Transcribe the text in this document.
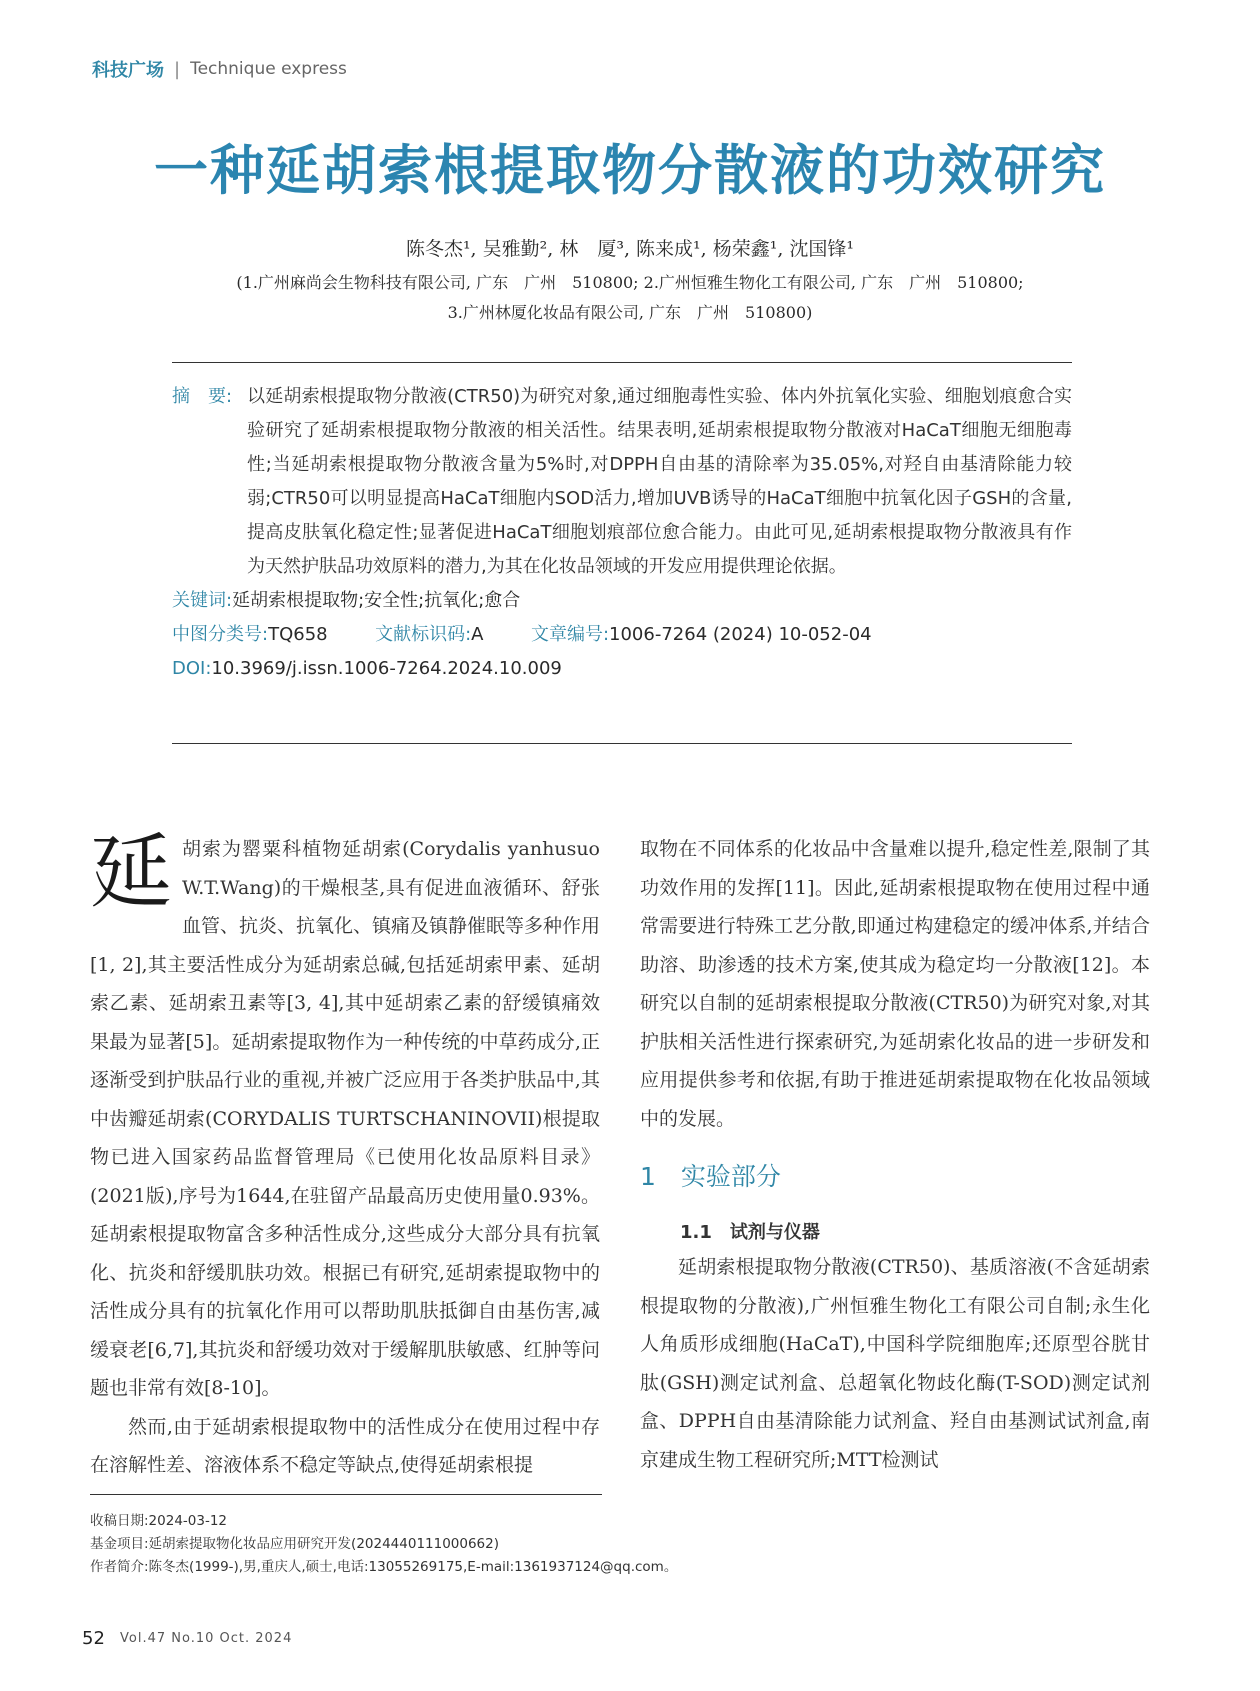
科技广场 | Technique express
一种延胡索根提取物分散液的功效研究
陈冬杰¹, 吴雅勤², 林　厦³, 陈来成¹, 杨荣鑫¹, 沈国锋¹
(1.广州麻尚会生物科技有限公司, 广东　广州　510800; 2.广州恒雅生物化工有限公司, 广东　广州　510800;
3.广州林厦化妆品有限公司, 广东　广州　510800)
摘　要: 以延胡索根提取物分散液(CTR50)为研究对象,通过细胞毒性实验、体内外抗氧化实验、细胞划痕愈合实验研究了延胡索根提取物分散液的相关活性。结果表明,延胡索根提取物分散液对HaCaT细胞无细胞毒性;当延胡索根提取物分散液含量为5%时,对DPPH自由基的清除率为35.05%,对羟自由基清除能力较弱;CTR50可以明显提高HaCaT细胞内SOD活力,增加UVB诱导的HaCaT细胞中抗氧化因子GSH的含量,提高皮肤氧化稳定性;显著促进HaCaT细胞划痕部位愈合能力。由此可见,延胡索根提取物分散液具有作为天然护肤品功效原料的潜力,为其在化妆品领域的开发应用提供理论依据。
关键词:延胡索根提取物;安全性;抗氧化;愈合
中图分类号:TQ658	文献标识码:A	文章编号:1006-7264 (2024) 10-052-04
DOI:10.3969/j.issn.1006-7264.2024.10.009

延胡索为罂粟科植物延胡索(Corydalis yanhusuo W.T.Wang)的干燥根茎,具有促进血液循环、舒张血管、抗炎、抗氧化、镇痛及镇静催眠等多种作用[1, 2],其主要活性成分为延胡索总碱,包括延胡索甲素、延胡索乙素、延胡索丑素等[3, 4],其中延胡索乙素的舒缓镇痛效果最为显著[5]。延胡索提取物作为一种传统的中草药成分,正逐渐受到护肤品行业的重视,并被广泛应用于各类护肤品中,其中齿瓣延胡索(CORYDALIS TURTSCHANINOVII)根提取物已进入国家药品监督管理局《已使用化妆品原料目录》(2021版),序号为1644,在驻留产品最高历史使用量0.93%。延胡索根提取物富含多种活性成分,这些成分大部分具有抗氧化、抗炎和舒缓肌肤功效。根据已有研究,延胡索提取物中的活性成分具有的抗氧化作用可以帮助肌肤抵御自由基伤害,减缓衰老[6,7],其抗炎和舒缓功效对于缓解肌肤敏感、红肿等问题也非常有效[8-10]。

然而,由于延胡索根提取物中的活性成分在使用过程中存在溶解性差、溶液体系不稳定等缺点,使得延胡索根提

取物在不同体系的化妆品中含量难以提升,稳定性差,限制了其功效作用的发挥[11]。因此,延胡索根提取物在使用过程中通常需要进行特殊工艺分散,即通过构建稳定的缓冲体系,并结合助溶、助渗透的技术方案,使其成为稳定均一分散液[12]。本研究以自制的延胡索根提取分散液(CTR50)为研究对象,对其护肤相关活性进行探索研究,为延胡索化妆品的进一步研发和应用提供参考和依据,有助于推进延胡索提取物在化妆品领域中的发展。

1　实验部分
1.1　试剂与仪器

延胡索根提取物分散液(CTR50)、基质溶液(不含延胡索根提取物的分散液),广州恒雅生物化工有限公司自制;永生化人角质形成细胞(HaCaT),中国科学院细胞库;还原型谷胱甘肽(GSH)测定试剂盒、总超氧化物歧化酶(T-SOD)测定试剂盒、DPPH自由基清除能力试剂盒、羟自由基测试试剂盒,南京建成生物工程研究所;MTT检测试

收稿日期:2024-03-12
基金项目:延胡索提取物化妆品应用研究开发(2024440111000662)
作者简介:陈冬杰(1999-),男,重庆人,硕士,电话:13055269175,E-mail:1361937124@qq.com。
52 Vol.47 No.10 Oct. 2024
